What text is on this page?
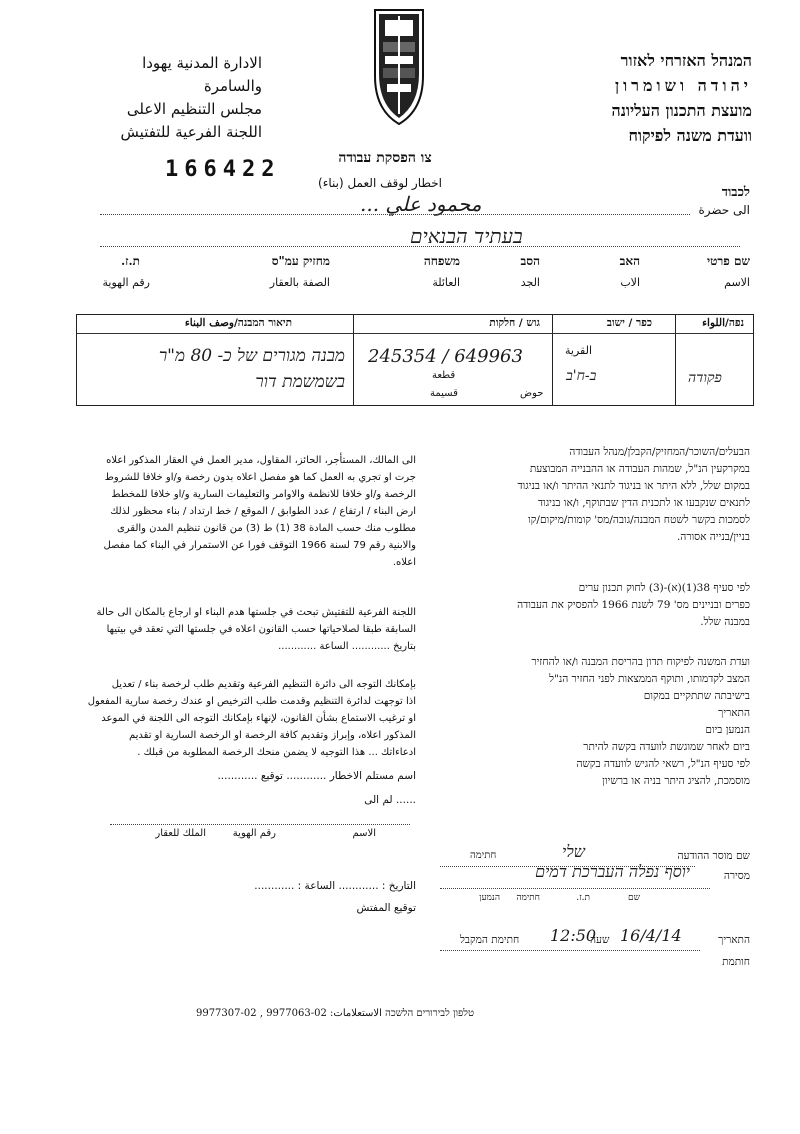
המנהל האזרחי לאזור
יהודה ושומרון
מועצת התכנון העליונה
וועדת משנה לפיקוח
الادارة المدنية يهودا
والسامرة
مجلس التنظيم الاعلى
اللجنة الفرعية للتفتيش
166422	צו הפסקת עבודה
اخطار لوقف العمل (بناء)
לכבוד
الى حضرة
محمود علي ...
בעתיד הבנאים
שם פרטי
האב
הסב
משפחה
מחזיק עמ"ס
ת.ז.
الاسم
الاب
الجد
العائلة
الصفة بالعقار
رقم الهوية
נפה/اللواء
כפר / ישוב
גוש / חלקות
תיאור המבנה/وصف البناء
القرية
قطعة
حوض
قسيمة
פקודה
ב-ח'ב
245354 / 649963
מבנה מגורים של כ- 80 מ"ר
בשמשמת דור

הבעלים/השוכר/המחזיק/הקבלן/מנהל העבודה

במקרקעין הנ"ל, שמהות העבודה או ההבנייה המבוצעת

במקום שלל, ללא היתר או בניגוד לתנאי ההיתר ו/או בניגוד

לתנאים שנקבעו או לתכנית הדין שבתוקף, ו/או בניגוד

לסמכות בקשר לשטח המבנה/גובה/מס' קומות/מיקום/קו

בניין/בנייה אסורה.

לפי סעיף 38(1)(א)-(3) לחוק תכנון ערים

כפרים ובניינים מס' 79 לשנת 1966 להפסיק את העבודה

במבנה שלל.

ועדת המשנה לפיקוח תדון בהריסת המבנה ו/או להחזיר

המצב לקדמותו, ותוקף הממצאות לפני החזיר הנ"ל

בישיבתה שתתקיים במקום

התאריך

הנמען ביום

ביום לאחר שמוגשת לוועדה בקשה להיתר

לפי סעיף הנ"ל, רשאי להגיש לוועדה בקשה

מוסמכת, להציג היתר בניה או ברשיון

الى المالك، المستأجر، الحائز، المقاول، مدير العمل في العقار المذكور اعلاه

جرت او تجري به العمل كما هو مفصل اعلاه بدون رخصة و/او خلافا للشروط

الرخصة و/او خلافا للانظمة والاوامر والتعليمات السارية و/او خلافا للمخطط

ارض البناء / ارتفاع / عدد الطوابق / الموقع / خط ارتداد / بناء محظور لذلك

مطلوب منك حسب المادة 38 (1) ط (3) من قانون تنظيم المدن والقرى

والابنية رقم 79 لسنة 1966 التوقف فورا عن الاستمرار في البناء كما مفصل

اعلاه.

اللجنة الفرعية للتفتيش تبحث في جلستها هدم البناء او ارجاع بالمكان الى حالة

السابقة طبقا لصلاحياتها حسب القانون اعلاه في جلستها التي تعقد في بيتيها

بتاريخ ............ الساعة ............

بإمكانك التوجه الى دائرة التنظيم الفرعية وتقديم طلب لرخصة بناء / تعديل

اذا توجهت لدائرة التنظيم وقدمت طلب الترخيص او عندك رخصة سارية المفعول

او ترغيب الاستماع بشأن القانون، لإنهاء بإمكانك التوجه الى اللجنة في الموعد

المذكور اعلاه، وإبراز وتقديم كافة الرخصة او الرخصة السارية او تقديم

ادعاءاتك ... هذا التوجيه لا يضمن منحك الرخصة المطلوبة من قبلك .

اسم مستلم الاخطار ............ توقيع ............
...... لم الى
الاسم
رقم الهوية
الملك للعقار
التاريخ : ............ الساعة : ............
توقيع المفتش
שם מוסר ההודעה
שלי
חתימה
מסירה
יוסף נפלה העברכת דמים
שם
ת.ז.
חתימה
הנמען
התאריך
16/4/14
שעה
12:50
חתימת המקבל
חותמת
טלפון לבירורים הלשכה الاستعلامات: 02-9977063 , 02-9977307
